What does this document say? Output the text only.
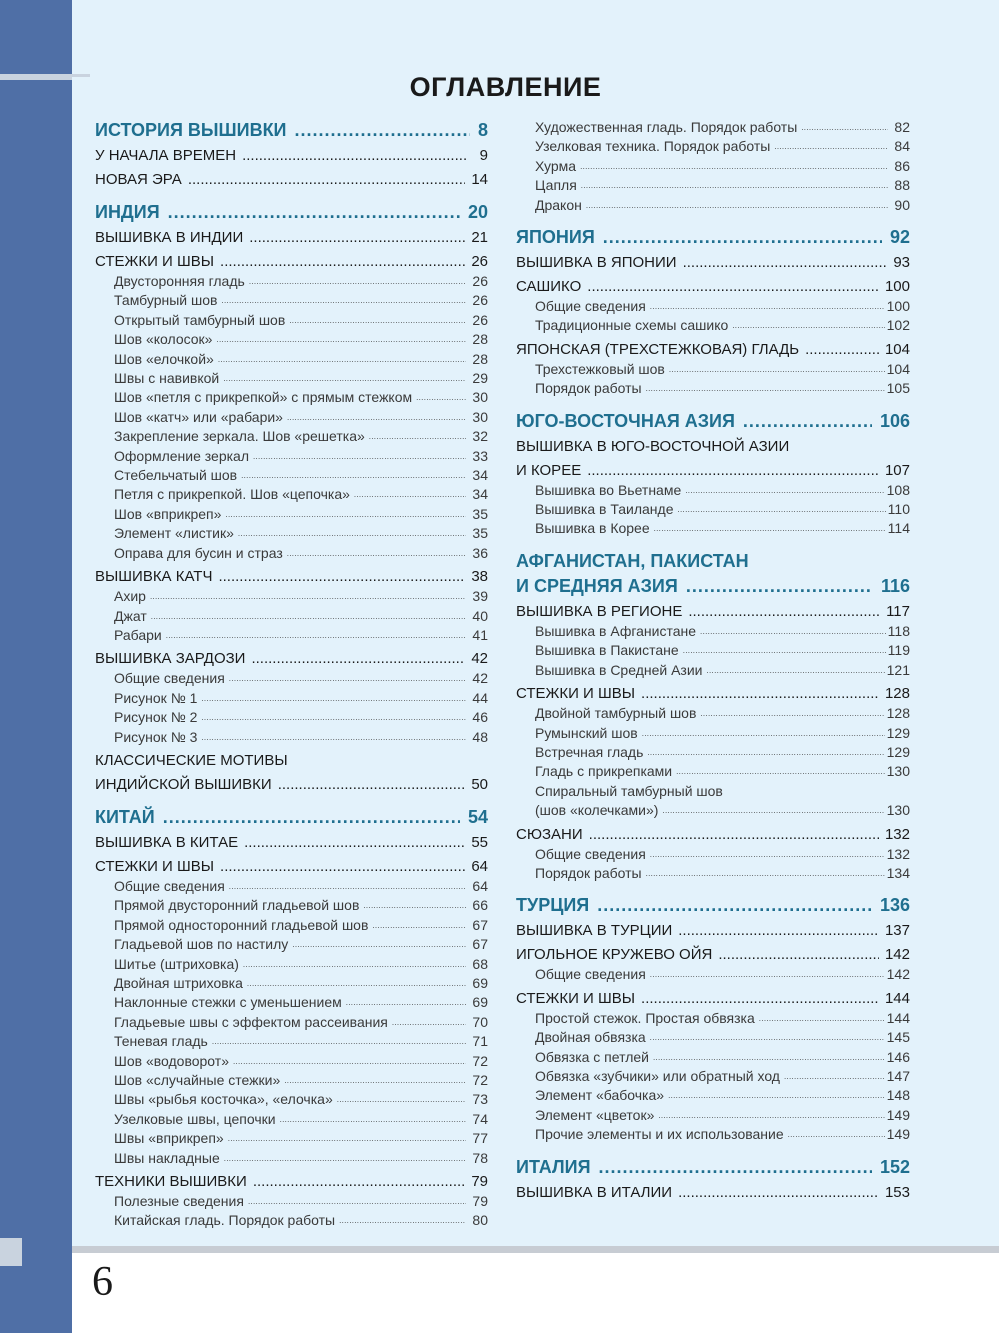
6
ОГЛАВЛЕНИЕ
ИСТОРИЯ ВЫШИВКИ .....	8
У НАЧАЛА ВРЕМЕН .....	9
НОВАЯ ЭРА .....	14
ИНДИЯ .....	20
ВЫШИВКА В ИНДИИ .....	21
СТЕЖКИ И ШВЫ .....	26
Двусторонняя гладь .....	26
Тамбурный шов .....	26
Открытый тамбурный шов .....	26
Шов «колосок» .....	28
Шов «елочкой» .....	28
Швы с навивкой .....	29
Шов «петля с прикрепкой» с прямым стежком .....	30
Шов «катч» или «рабари» .....	30
Закрепление зеркала. Шов «решетка» .....	32
Оформление зеркал .....	33
Стебельчатый шов .....	34
Петля с прикрепкой. Шов «цепочка» .....	34
Шов «вприкреп» .....	35
Элемент «листик» .....	35
Оправа для бусин и страз .....	36
ВЫШИВКА КАТЧ .....	38
Ахир .....	39
Джат .....	40
Рабари .....	41
ВЫШИВКА ЗАРДОЗИ .....	42
Общие сведения .....	42
Рисунок № 1 .....	44
Рисунок № 2 .....	46
Рисунок № 3 .....	48
КЛАССИЧЕСКИЕ МОТИВЫ
ИНДИЙСКОЙ ВЫШИВКИ .....	50
КИТАЙ .....	54
ВЫШИВКА В КИТАЕ .....	55
СТЕЖКИ И ШВЫ .....	64
Общие сведения .....	64
Прямой двусторонний гладьевой шов .....	66
Прямой односторонний гладьевой шов .....	67
Гладьевой шов по настилу .....	67
Шитье (штриховка) .....	68
Двойная штриховка .....	69
Наклонные стежки с уменьшением .....	69
Гладьевые швы с эффектом рассеивания .....	70
Теневая гладь .....	71
Шов «водоворот» .....	72
Шов «случайные стежки» .....	72
Швы «рыбья косточка», «елочка» .....	73
Узелковые швы, цепочки .....	74
Швы «вприкреп» .....	77
Швы накладные .....	78
ТЕХНИКИ ВЫШИВКИ .....	79
Полезные сведения .....	79
Китайская гладь. Порядок работы .....	80
Художественная гладь. Порядок работы .....	82
Узелковая техника. Порядок работы .....	84
Хурма .....	86
Цапля .....	88
Дракон .....	90
ЯПОНИЯ .....	92
ВЫШИВКА В ЯПОНИИ .....	93
САШИКО .....	100
Общие сведения .....	100
Традиционные схемы сашико .....	102
ЯПОНСКАЯ (ТРЕХСТЕЖКОВАЯ) ГЛАДЬ .....	104
Трехстежковый шов .....	104
Порядок работы .....	105
ЮГО-ВОСТОЧНАЯ АЗИЯ .....	106
ВЫШИВКА В ЮГО-ВОСТОЧНОЙ АЗИИ
И КОРЕЕ .....	107
Вышивка во Вьетнаме .....	108
Вышивка в Таиланде .....	110
Вышивка в Корее .....	114
АФГАНИСТАН, ПАКИСТАН
И СРЕДНЯЯ АЗИЯ .....	116
ВЫШИВКА В РЕГИОНЕ .....	117
Вышивка в Афганистане .....	118
Вышивка в Пакистане .....	119
Вышивка в Средней Азии .....	121
СТЕЖКИ И ШВЫ .....	128
Двойной тамбурный шов .....	128
Румынский шов .....	129
Встречная гладь .....	129
Гладь с прикрепками .....	130
Спиральный тамбурный шов
(шов «колечками») .....	130
СЮЗАНИ .....	132
Общие сведения .....	132
Порядок работы .....	134
ТУРЦИЯ .....	136
ВЫШИВКА В ТУРЦИИ .....	137
ИГОЛЬНОЕ КРУЖЕВО ОЙЯ .....	142
Общие сведения .....	142
СТЕЖКИ И ШВЫ .....	144
Простой стежок. Простая обвязка .....	144
Двойная обвязка .....	145
Обвязка с петлей .....	146
Обвязка «зубчики» или обратный ход .....	147
Элемент «бабочка» .....	148
Элемент «цветок» .....	149
Прочие элементы и их использование .....	149
ИТАЛИЯ .....	152
ВЫШИВКА В ИТАЛИИ .....	153
